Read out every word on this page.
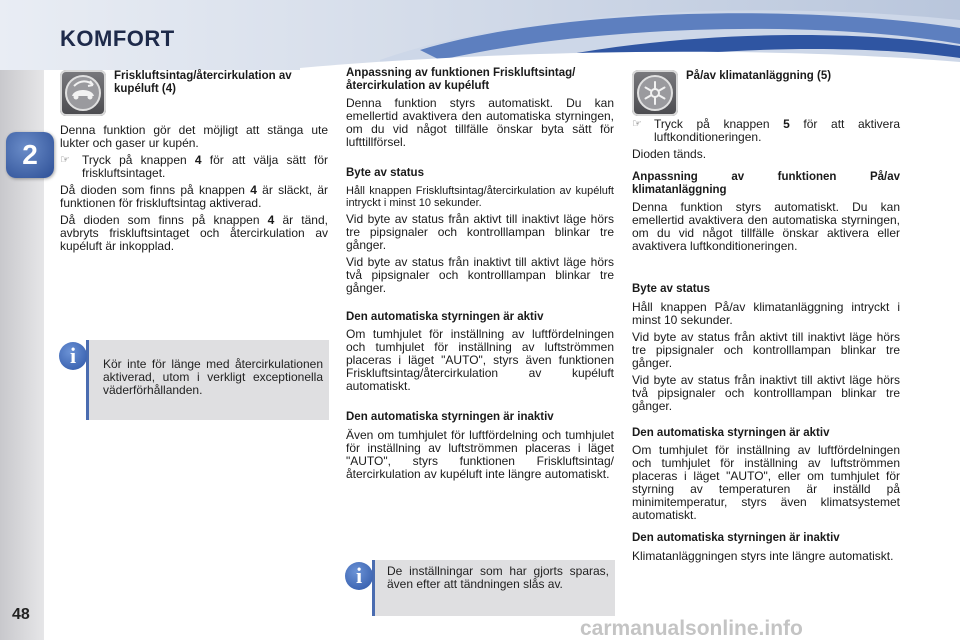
KOMFORT
2
48

Friskluftsintag/återcirkulation av kupéluft (4)

Denna funktion gör det möjligt att stänga ute lukter och gaser ur kupén.

☞	Tryck på knappen 4 för att välja sätt för friskluftsintaget.

Då dioden som finns på knappen 4 är släckt, är funktionen för friskluftsintag aktiverad.

Då dioden som finns på knappen 4 är tänd, avbryts friskluftsintaget och återcirkulation av kupéluft är inkopplad.

i	Kör inte för länge med återcirkulationen aktiverad, utom i verkligt exceptionella väderförhållanden.

Anpassning av funktionen Friskluftsintag/återcirkulation av kupéluft

Denna funktion styrs automatiskt. Du kan emellertid avaktivera den automatiska styrningen, om du vid något tillfälle önskar byta sätt för lufttillförsel.

Byte av status

Håll knappen Friskluftsintag/återcirkulation av kupéluft intryckt i minst 10 sekunder.

Vid byte av status från aktivt till inaktivt läge hörs tre pipsignaler och kontrolllampan blinkar tre gånger.

Vid byte av status från inaktivt till aktivt läge hörs två pipsignaler och kontrolllampan blinkar tre gånger.

Den automatiska styrningen är aktiv

Om tumhjulet för inställning av luftfördelningen och tumhjulet för inställning av luftströmmen placeras i läget "AUTO", styrs även funktionen Friskluftsintag/återcirkulation av kupéluft automatiskt.

Den automatiska styrningen är inaktiv

Även om tumhjulet för luftfördelning och tumhjulet för inställning av luftströmmen placeras i läget "AUTO", styrs funktionen Friskluftsintag/återcirkulation av kupéluft inte längre automatiskt.

i	De inställningar som har gjorts sparas, även efter att tändningen slås av.

På/av klimatanläggning (5)

☞	Tryck på knappen 5 för att aktivera luftkonditioneringen.

Dioden tänds.

Anpassning av funktionen På/av klimatanläggning

Denna funktion styrs automatiskt. Du kan emellertid avaktivera den automatiska styrningen, om du vid något tillfälle önskar aktivera eller avaktivera luftkonditioneringen.

Byte av status

Håll knappen På/av klimatanläggning intryckt i minst 10 sekunder.

Vid byte av status från aktivt till inaktivt läge hörs tre pipsignaler och kontrolllampan blinkar tre gånger.

Vid byte av status från inaktivt till aktivt läge hörs två pipsignaler och kontrolllampan blinkar tre gånger.

Den automatiska styrningen är aktiv

Om tumhjulet för inställning av luftfördelningen och tumhjulet för inställning av luftströmmen placeras i läget "AUTO", eller om tumhjulet för styrning av temperaturen är inställd på minimitemperatur, styrs även klimatsystemet automatiskt.

Den automatiska styrningen är inaktiv

Klimatanläggningen styrs inte längre automatiskt.

carmanualsonline.info
